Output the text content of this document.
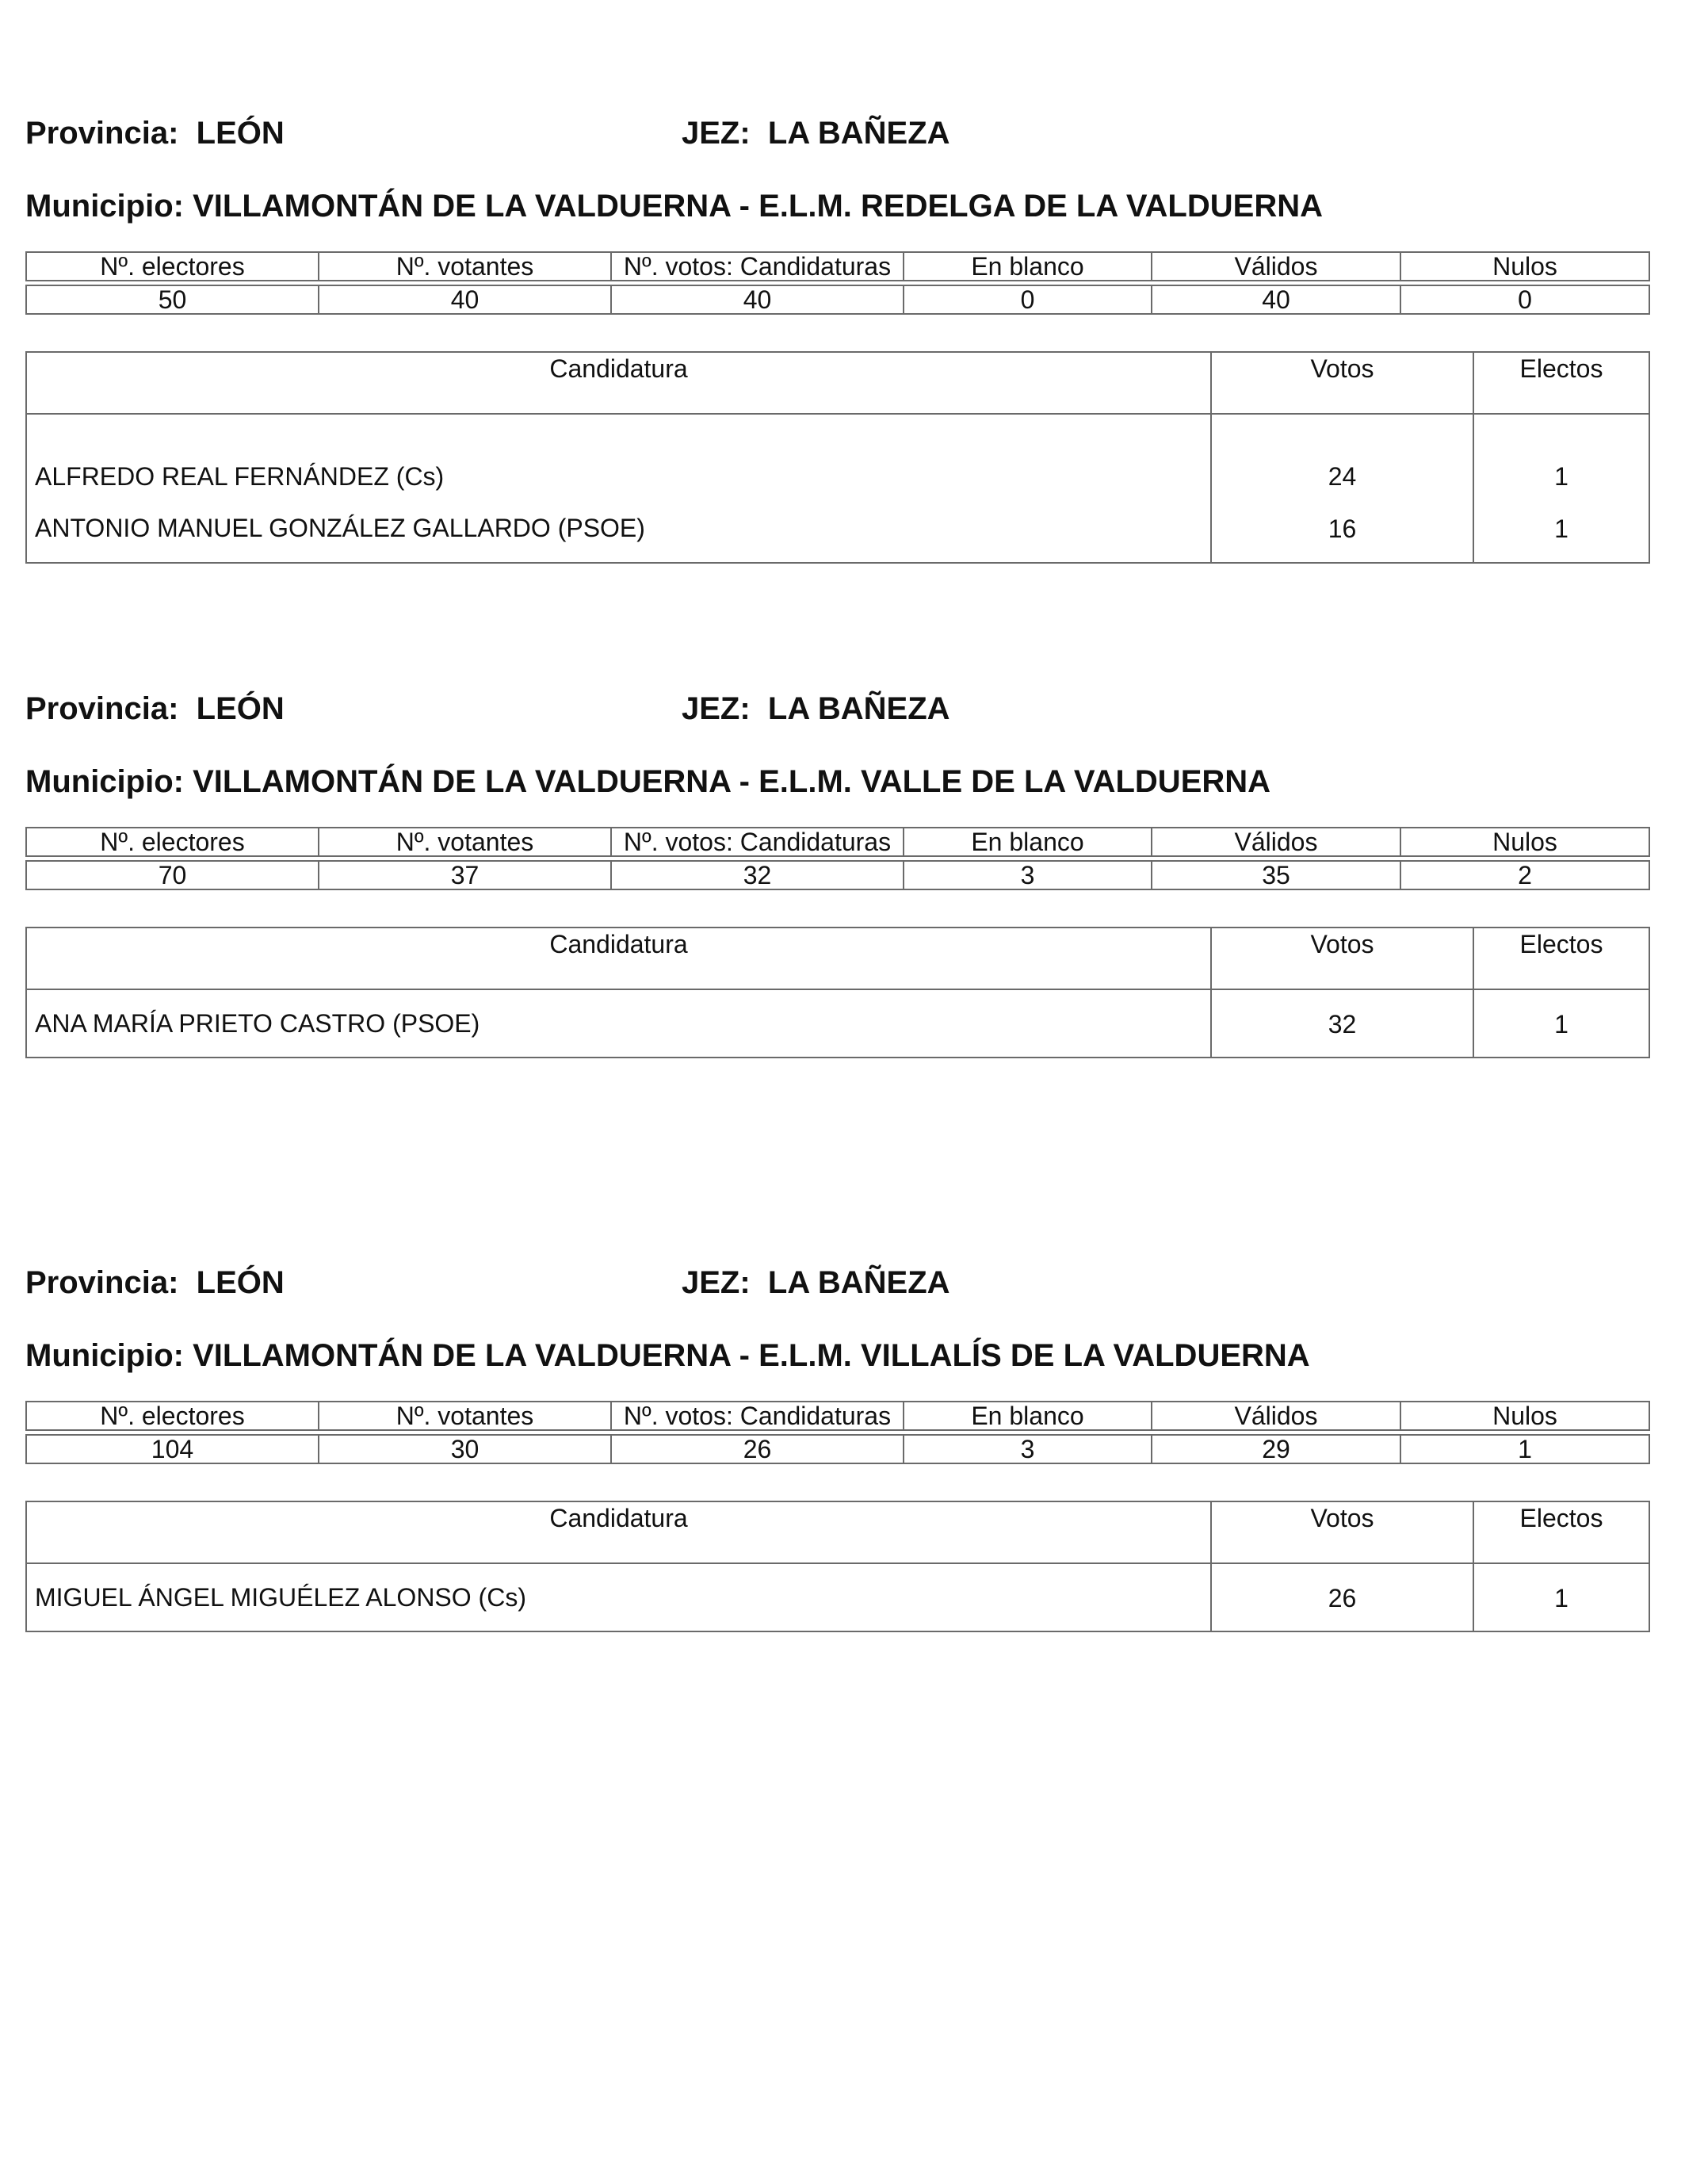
Provincia: LEÓN	JEZ: LA BAÑEZA
Municipio: VILLAMONTÁN DE LA VALDUERNA - E.L.M. REDELGA DE LA VALDUERNA
Nº. electores	Nº. votantes	Nº. votos: Candidaturas	En blanco	Válidos	Nulos

50	40	40	0	40	0
Candidatura	Votos	Electos
ALFREDO REAL FERNÁNDEZ (Cs)	24	1
ANTONIO MANUEL GONZÁLEZ GALLARDO (PSOE)	16	1
Provincia: LEÓN	JEZ: LA BAÑEZA
Municipio: VILLAMONTÁN DE LA VALDUERNA - E.L.M. VALLE DE LA VALDUERNA
Nº. electores	Nº. votantes	Nº. votos: Candidaturas	En blanco	Válidos	Nulos

70	37	32	3	35	2
Candidatura	Votos	Electos
ANA MARÍA PRIETO CASTRO (PSOE)	32	1
Provincia: LEÓN	JEZ: LA BAÑEZA
Municipio: VILLAMONTÁN DE LA VALDUERNA - E.L.M. VILLALÍS DE LA VALDUERNA
Nº. electores	Nº. votantes	Nº. votos: Candidaturas	En blanco	Válidos	Nulos

104	30	26	3	29	1
Candidatura	Votos	Electos
MIGUEL ÁNGEL MIGUÉLEZ ALONSO (Cs)	26	1
